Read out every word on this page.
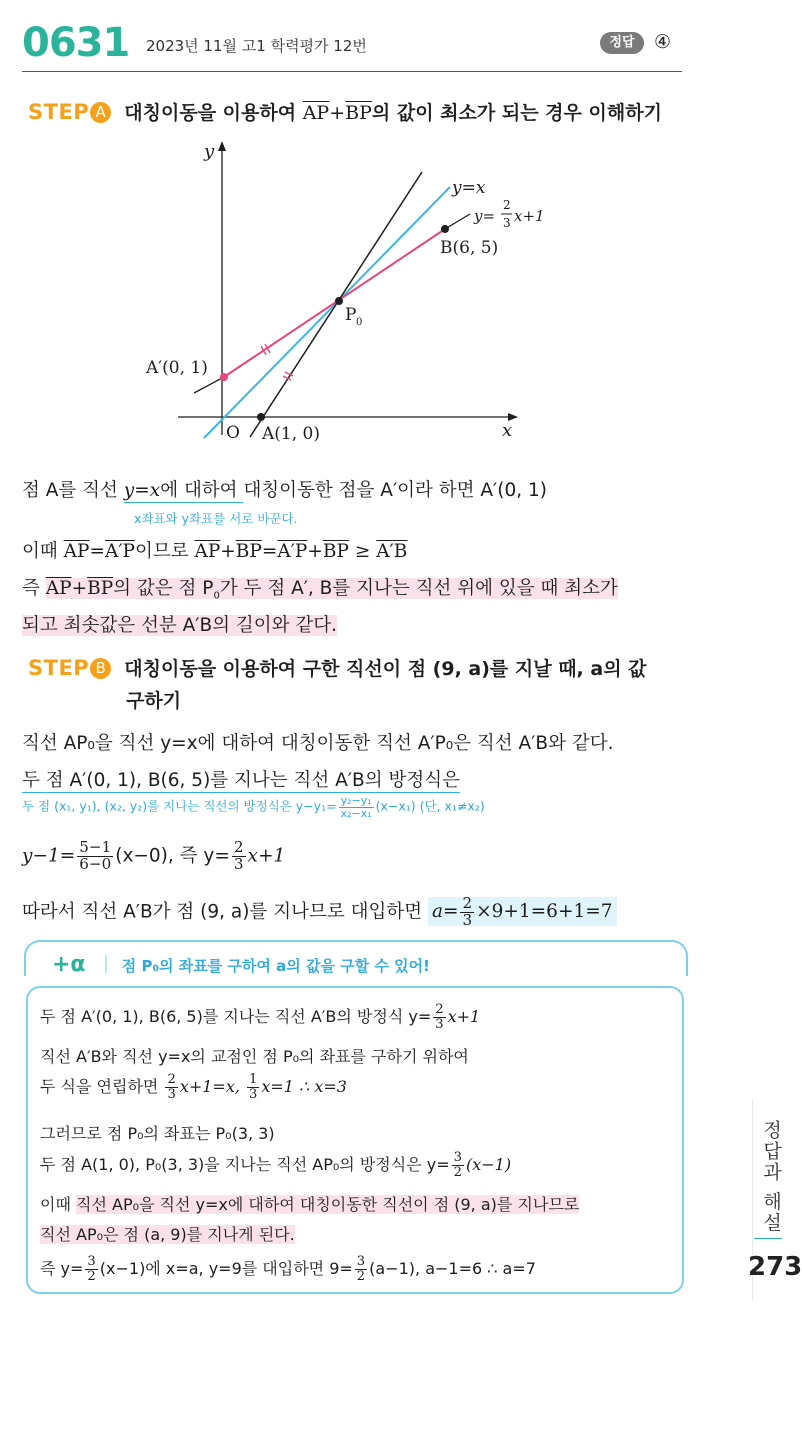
0631 2023년 11월 고1 학력평가 12번	정답	④
STEP A 대칭이동을 이용하여 $\overline{AP}+\overline{BP}$의 값이 최소가 되는 경우 이해하기
y
x
O
y=x
y=
2
3 x+1
B(6, 5)
P 0
A′(0, 1)
A(1, 0)
점 A를 직선 y=x에 대하여 대칭이동한 점을 A′이라 하면 A′(0, 1)
x좌표와 y좌표를 서로 바꾼다.
이때 $\overline{AP}=A'P$이므로 $\overline{AP}+\overline{BP}=A'P+\overline{BP} \ge A'B$
즉 $\overline{AP}+\overline{BP}$의 값은 점 $P_0$가 두 점 A′, B를 지나는 직선 위에 있을 때 최소가
되고 최솟값은 선분 A′B의 길이와 같다.
STEP B 대칭이동을 이용하여 구한 직선이 점 (9, a)를 지날 때, a의 값
구하기
직선 AP₀을 직선 y=x에 대하여 대칭이동한 직선 A′P₀은 직선 A′B와 같다.
두 점 A′(0, 1), B(6, 5)를 지나는 직선 A′B의 방정식은
두 점 (x₁, y₁), (x₂, y₂)를 지나는 직선의 방정식은 $y-y_1= \frac{\text{y₂−y₁}}{\text{x₂−x₁}} (x-x_1)$ (단, x₁≠x₂)
$y-1= \frac{5-1}{6-0} (x-0)$, 즉 $y= \frac{2}{3} x+1$
따라서 직선 A′B가 점 (9, a)를 지나므로 대입하면 $a= \frac{2}{3} \times 9+1=6+1=7$
+α 점 P₀의 좌표를 구하여 a의 값을 구할 수 있어!
두 점 A′(0, 1), B(6, 5)를 지나는 직선 A′B의 방정식 $y= \frac{2}{3} x+1$
직선 A′B와 직선 y=x의 교점인 점 P₀의 좌표를 구하기 위하여
두 식을 연립하면 $\frac{2}{3} x+1=x$, $\frac{1}{3} x=1$ ∴ x=3
그러므로 점 P₀의 좌표는 P₀(3, 3)
두 점 A(1, 0), P₀(3, 3)을 지나는 직선 AP₀의 방정식은 $y= \frac{3}{2} (x-1)$
이때 직선 AP₀을 직선 y=x에 대하여 대칭이동한 직선이 점 (9, a)를 지나므로
직선 AP₀은 점 (a, 9)를 지나게 된다.
즉 $y= \frac{3}{2} (x-1)$에 x=a, y=9를 대입하면 $9= \frac{3}{2} (a-1)$, a−1=6 ∴ a=7
정답과 해설
273
